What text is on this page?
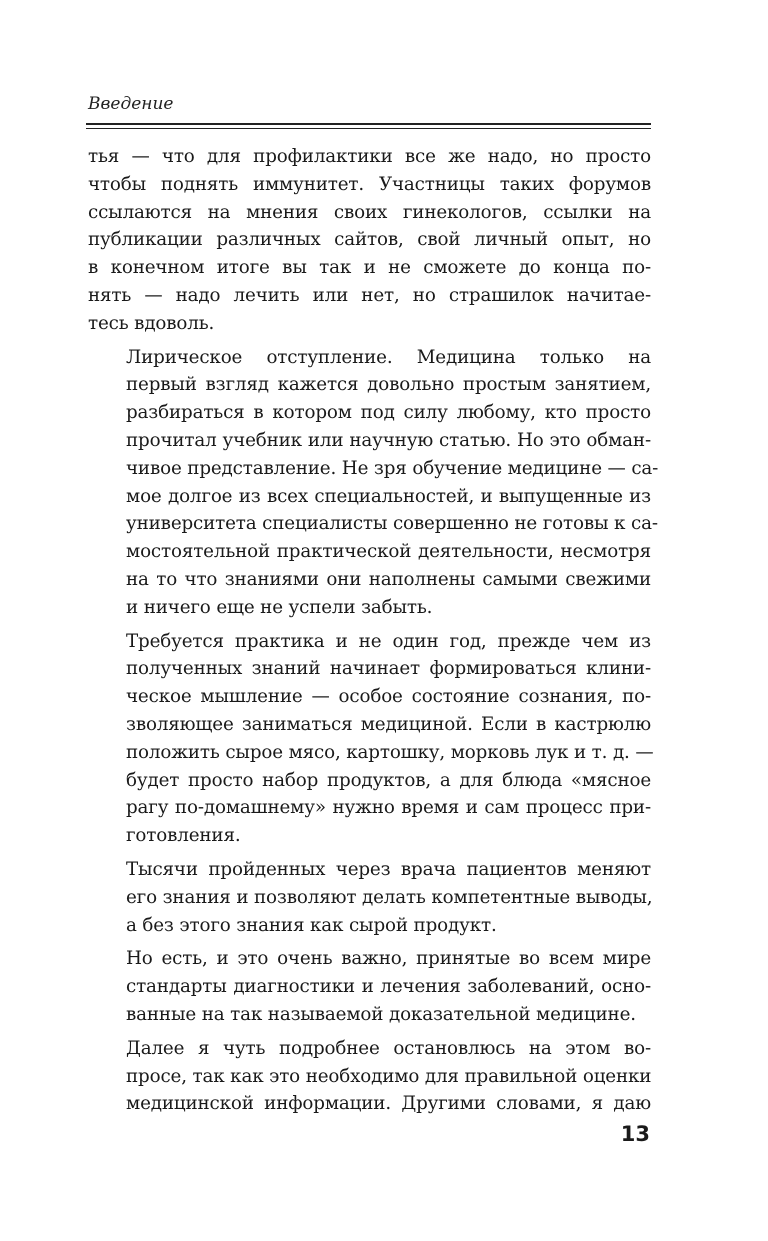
Введение
тья — что для профилактики все же надо, но просто
чтобы поднять иммунитет. Участницы таких форумов
ссылаются на мнения своих гинекологов, ссылки на
публикации различных сайтов, свой личный опыт, но
в конечном итоге вы так и не сможете до конца по-
нять — надо лечить или нет, но страшилок начитае-
тесь вдоволь.
Лирическое отступление. Медицина только на
первый взгляд кажется довольно простым занятием,
разбираться в котором под силу любому, кто просто
прочитал учебник или научную статью. Но это обман-
чивое представление. Не зря обучение медицине — са-
мое долгое из всех специальностей, и выпущенные из
университета специалисты совершенно не готовы к са-
мостоятельной практической деятельности, несмотря
на то что знаниями они наполнены самыми свежими
и ничего еще не успели забыть.
Требуется практика и не один год, прежде чем из
полученных знаний начинает формироваться клини-
ческое мышление — особое состояние сознания, по-
зволяющее заниматься медициной. Если в кастрюлю
положить сырое мясо, картошку, морковь лук и т. д. —
будет просто набор продуктов, а для блюда «мясное
рагу по-домашнему» нужно время и сам процесс при-
готовления.
Тысячи пройденных через врача пациентов меняют
его знания и позволяют делать компетентные выводы,
а без этого знания как сырой продукт.
Но есть, и это очень важно, принятые во всем мире
стандарты диагностики и лечения заболеваний, осно-
ванные на так называемой доказательной медицине.
Далее я чуть подробнее остановлюсь на этом во-
просе, так как это необходимо для правильной оценки
медицинской информации. Другими словами, я даю
13
